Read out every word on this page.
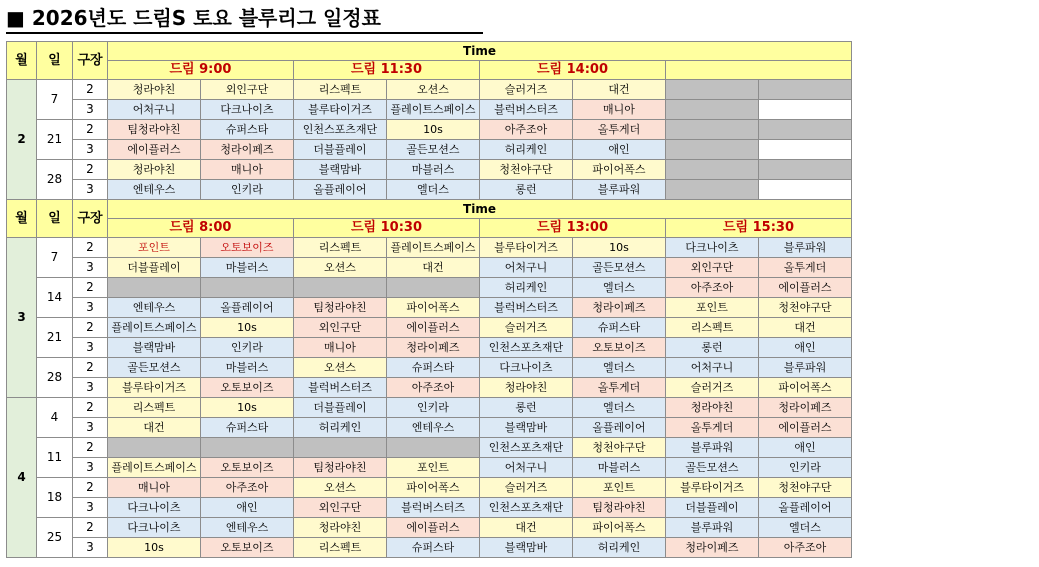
■ 2026년도 드림S 토요 블루리그 일정표
월	일	구장	Time							
			드림 9:00		드림 11:30		드림 14:00			
2	7	2	청라야친	외인구단	리스펙트	오션스	슬러거즈	대건		
		3	어처구니	다크나이츠	블루타이거즈	플레이트스페이스	블럭버스터즈	매니아		
	21	2	팀청라야친	슈퍼스타	인천스포츠재단	10s	아주조아	올투게더		
		3	에이플러스	청라이페즈	더블플레이	골든모션스	허리케인	애인		
	28	2	청라야친	매니아	블랙맘바	마블러스	청천야구단	파이어폭스		
		3	엔테우스	인키라	올플레이어	엘더스	롱런	블루파워		
월	일	구장	Time							
			드림 8:00		드림 10:30		드림 13:00		드림 15:30	
3	7	2	포인트	오토보이즈	리스펙트	플레이트스페이스	블루타이거즈	10s	다크나이츠	블루파워
		3	더블플레이	마블러스	오션스	대건	어처구니	골든모션스	외인구단	올투게더
	14	2					허리케인	엘더스	아주조아	에이플러스
		3	엔테우스	올플레이어	팀청라야친	파이어폭스	블럭버스터즈	청라이페즈	포인트	청천야구단
	21	2	플레이트스페이스	10s	외인구단	에이플러스	슬러거즈	슈퍼스타	리스펙트	대건
		3	블랙맘바	인키라	매니아	청라이페즈	인천스포츠재단	오토보이즈	롱런	애인
	28	2	골든모션스	마블러스	오션스	슈퍼스타	다크나이츠	엘더스	어처구니	블루파워
		3	블루타이거즈	오토보이즈	블럭버스터즈	아주조아	청라야친	올투게더	슬러거즈	파이어폭스
4	4	2	리스펙트	10s	더블플레이	인키라	롱런	엘더스	청라야친	청라이페즈
		3	대건	슈퍼스타	허리케인	엔테우스	블랙맘바	올플레이어	올투게더	에이플러스
	11	2					인천스포츠재단	청천야구단	블루파워	애인
		3	플레이트스페이스	오토보이즈	팀청라야친	포인트	어처구니	마블러스	골든모션스	인키라
	18	2	매니아	아주조아	오션스	파이어폭스	슬러거즈	포인트	블루타이거즈	청천야구단
		3	다크나이츠	애인	외인구단	블럭버스터즈	인천스포츠재단	팀청라야친	더블플레이	올플레이어
	25	2	다크나이츠	엔테우스	청라야친	에이플러스	대건	파이어폭스	블루파워	엘더스
		3	10s	오토보이즈	리스펙트	슈퍼스타	블랙맘바	허리케인	청라이페즈	아주조아
